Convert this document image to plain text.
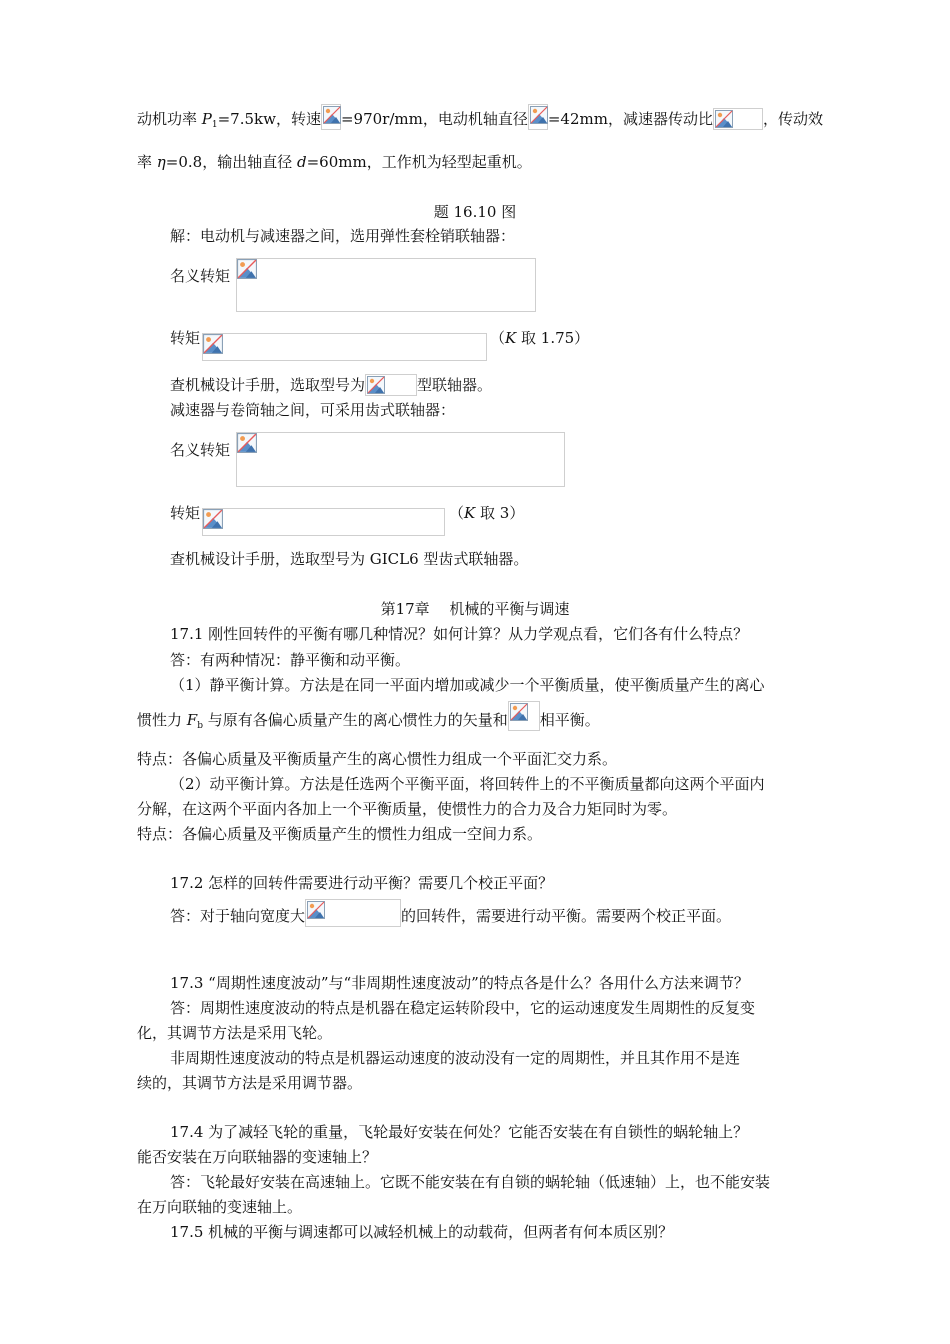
动机功率 $P_1=7.5kw$，转速 =970r/mm，电动机轴直径 =42mm，减速器传动比	，传动效
率 η=0.8，输出轴直径 d=60mm，工作机为轻型起重机。
题 16.10 图
解：电动机与减速器之间，选用弹性套栓销联轴器：
名义转矩
转矩	（K 取 1.75）
查机械设计手册，选取型号为	型联轴器。
减速器与卷筒轴之间，可采用齿式联轴器：
名义转矩
转矩	（K 取 3）
查机械设计手册，选取型号为 GICL6 型齿式联轴器。
第17章　 机械的平衡与调速
17.1 刚性回转件的平衡有哪几种情况？如何计算？从力学观点看，它们各有什么特点？
答：有两种情况：静平衡和动平衡。
（1）静平衡计算。方法是在同一平面内增加或减少一个平衡质量，使平衡质量产生的离心
惯性力 $F_b$ 与原有各偏心质量产生的离心惯性力的矢量和 相平衡。
特点：各偏心质量及平衡质量产生的离心惯性力组成一个平面汇交力系。
（2）动平衡计算。方法是任选两个平衡平面，将回转件上的不平衡质量都向这两个平面内
分解，在这两个平面内各加上一个平衡质量，使惯性力的合力及合力矩同时为零。
特点：各偏心质量及平衡质量产生的惯性力组成一空间力系。
17.2 怎样的回转件需要进行动平衡？需要几个校正平面？
答：对于轴向宽度大	的回转件，需要进行动平衡。需要两个校正平面。
17.3 “周期性速度波动”与“非周期性速度波动”的特点各是什么？各用什么方法来调节？
答：周期性速度波动的特点是机器在稳定运转阶段中，它的运动速度发生周期性的反复变
化，其调节方法是采用飞轮。
非周期性速度波动的特点是机器运动速度的波动没有一定的周期性，并且其作用不是连
续的，其调节方法是采用调节器。
17.4 为了减轻飞轮的重量，飞轮最好安装在何处？它能否安装在有自锁性的蜗轮轴上？
能否安装在万向联轴器的变速轴上？
答：飞轮最好安装在高速轴上。它既不能安装在有自锁的蜗轮轴（低速轴）上，也不能安装
在万向联轴的变速轴上。
17.5 机械的平衡与调速都可以减轻机械上的动载荷，但两者有何本质区别？
